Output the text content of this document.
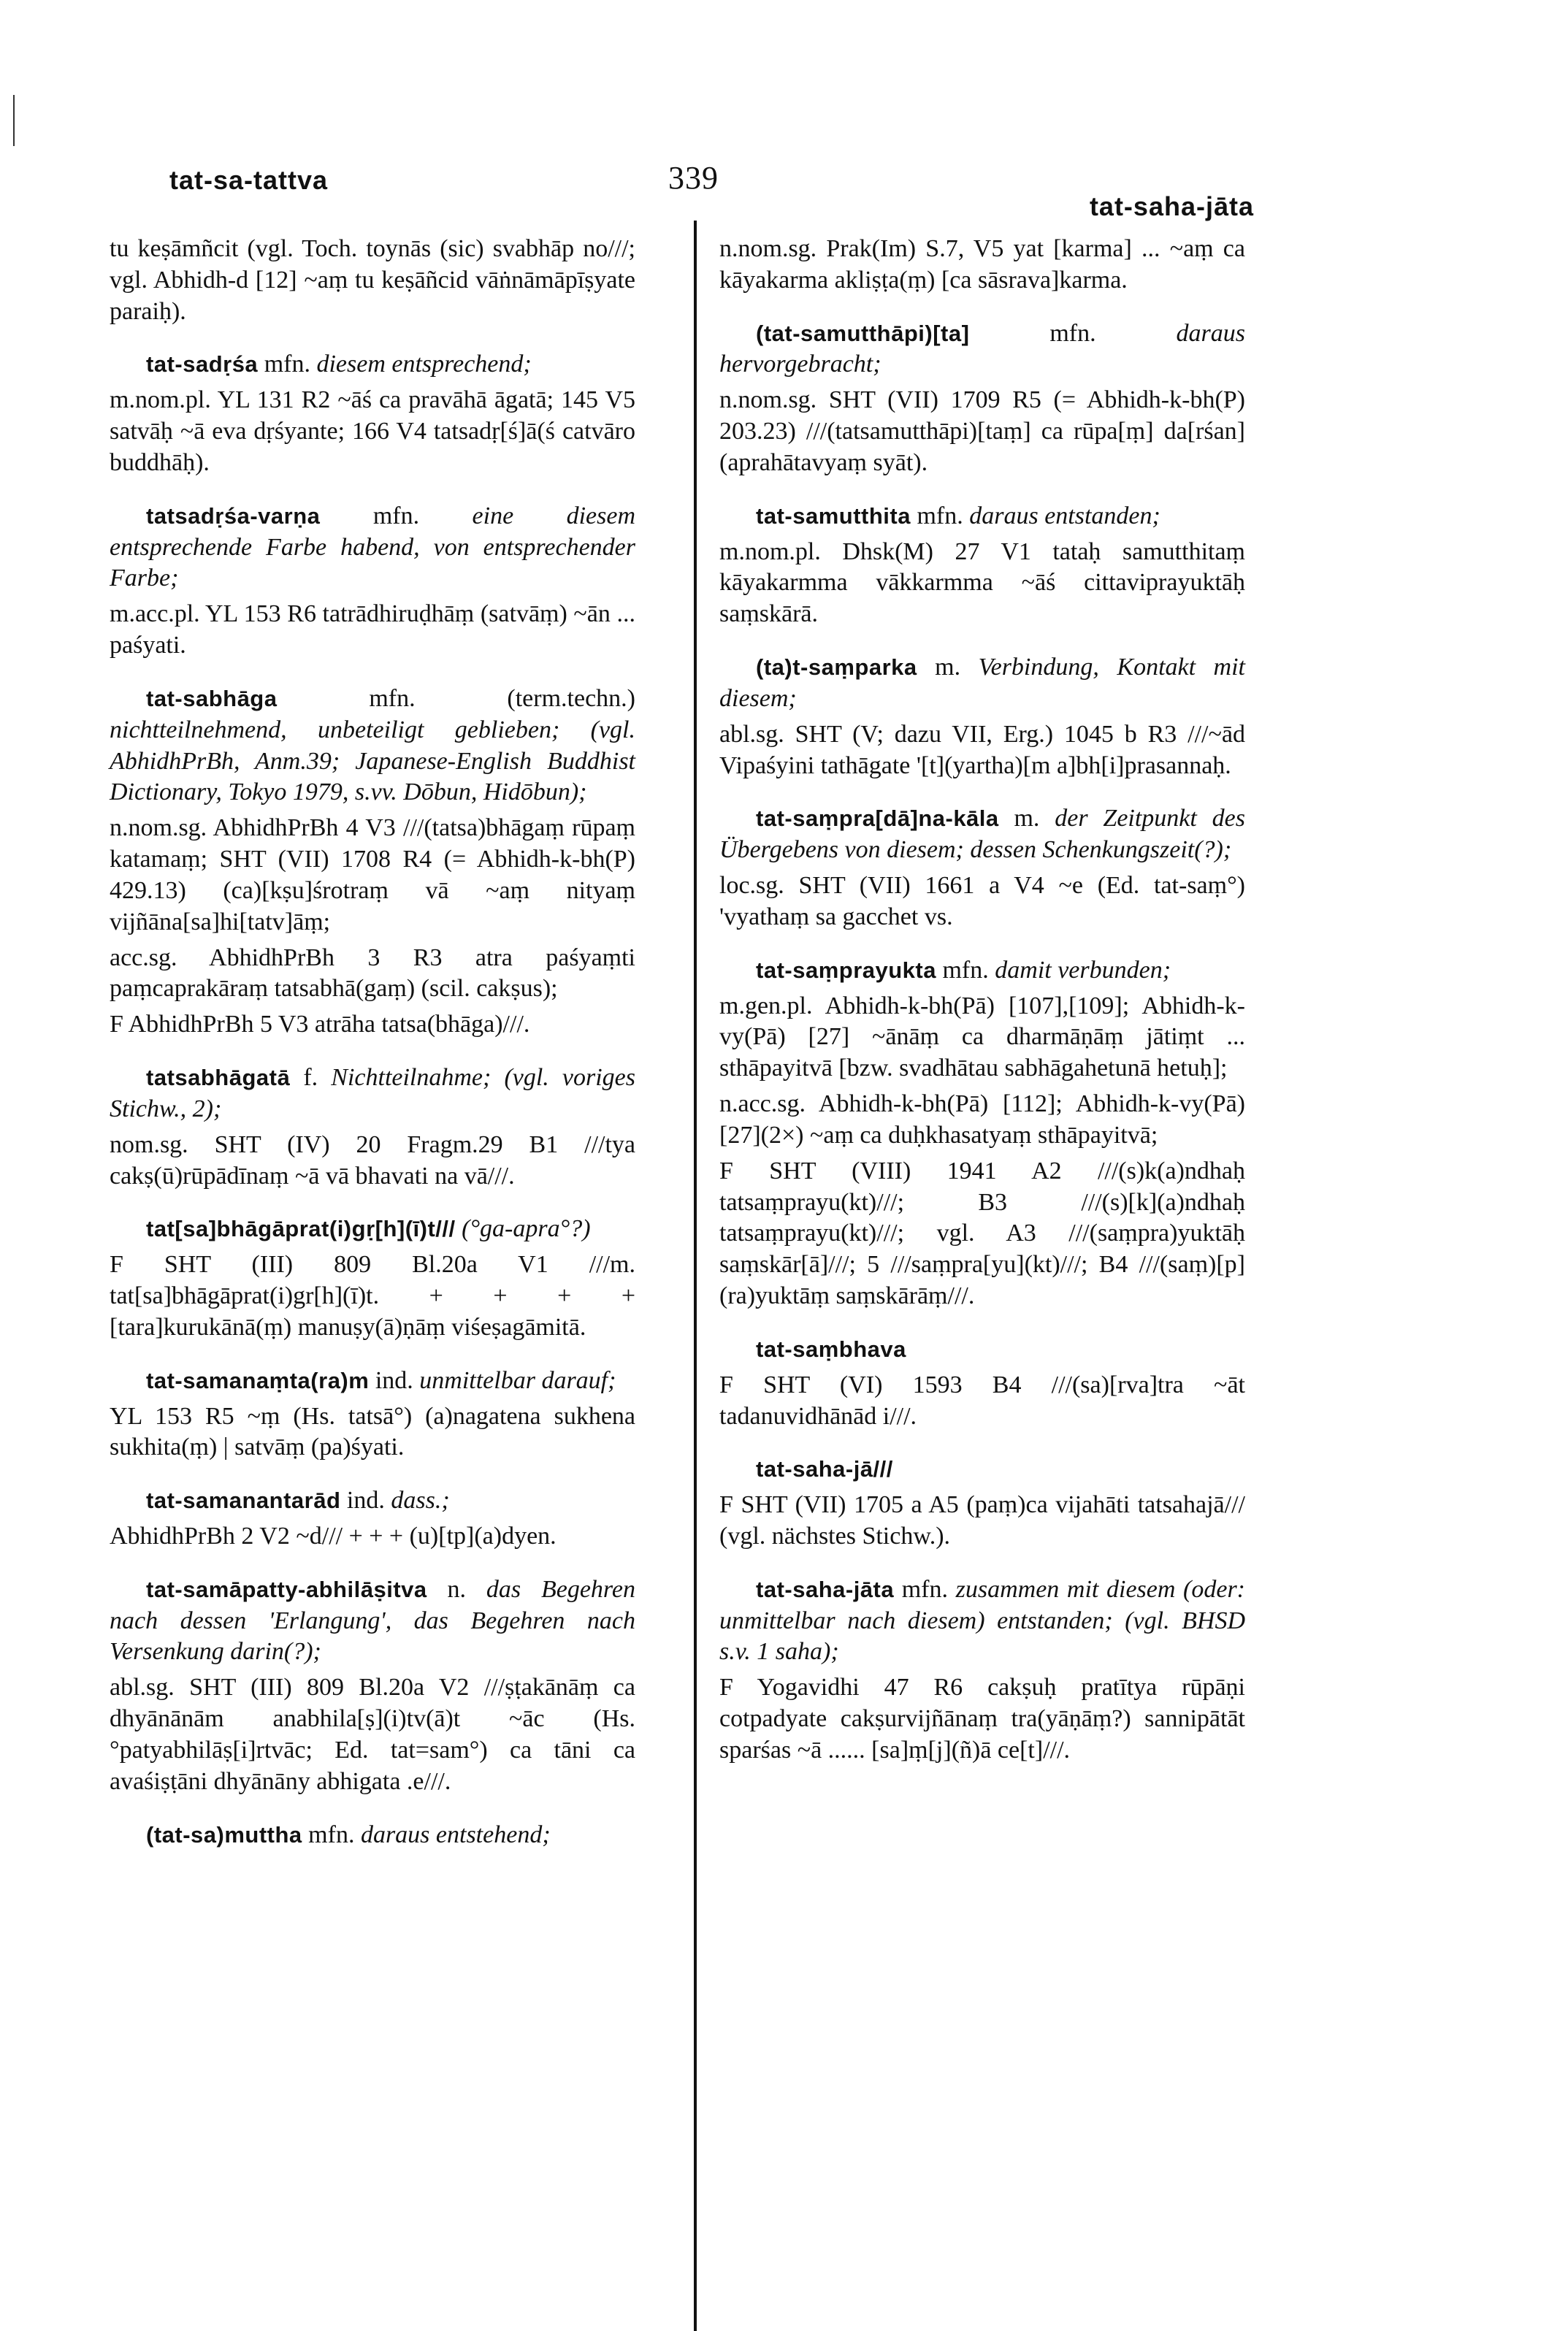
tat-sa-tattva	339
tat-saha-jāta

tu keṣāmñcit (vgl. Toch. toynās (sic) svabhāp no///; vgl. Abhidh-d [12] ~aṃ tu keṣāñcid vāṅnāmāpīṣyate paraiḥ).

tat-sadṛśa mfn. diesem entsprechend;

m.nom.pl. YL 131 R2 ~āś ca pravāhā āgatā; 145 V5 satvāḥ ~ā eva dṛśyante; 166 V4 tatsadṛ[ś]ā(ś catvāro buddhāḥ).

tatsadṛśa-varṇa mfn. eine diesem entsprechende Farbe habend, von entsprechender Farbe;

m.acc.pl. YL 153 R6 tatrādhiruḍhāṃ (satvāṃ) ~ān ... paśyati.

tat-sabhāga	mfn. (term.techn.) nichtteilnehmend, unbeteiligt geblieben; (vgl. AbhidhPrBh, Anm.39; Japanese-English Buddhist Dictionary, Tokyo 1979, s.vv. Dōbun, Hidōbun);

n.nom.sg. AbhidhPrBh 4 V3 ///(tatsa)bhāgaṃ rūpaṃ katamaṃ; SHT (VII) 1708 R4 (= Abhidh-k-bh(P) 429.13) (ca)[kṣu]śrotraṃ vā ~aṃ nityaṃ vijñāna[sa]hi[tatv]āṃ;

acc.sg. AbhidhPrBh 3 R3 atra paśyaṃti paṃcaprakāraṃ tatsabhā(gaṃ) (scil. cakṣus);

F AbhidhPrBh 5 V3 atrāha tatsa(bhāga)///.

tatsabhāgatā f. Nichtteilnahme; (vgl. voriges Stichw., 2);

nom.sg. SHT (IV) 20 Fragm.29 B1 ///tya cakṣ(ū)rūpādīnaṃ ~ā vā bhavati na vā///.

tat[sa]bhāgāprat(i)gṛ[h](ī)t/// (°ga-apra°?)

F SHT (III) 809 Bl.20a V1 ///m. tat[sa]bhāgāprat(i)gr[h](ī)t. + + + + [tara]kurukānā(ṃ) manuṣy(ā)ṇāṃ viśeṣagāmitā.

tat-samanaṃta(ra)m ind. unmittelbar darauf;

YL 153 R5 ~ṃ (Hs. tatsā°) (a)nagatena sukhena sukhita(ṃ) | satvāṃ (pa)śyati.

tat-samanantarād ind. dass.;

AbhidhPrBh 2 V2 ~d/// + + + (u)[tp](a)dyen.

tat-samāpatty-abhilāṣitva n. das Begehren nach dessen 'Erlangung', das Begehren nach Versenkung darin(?);

abl.sg. SHT (III) 809 Bl.20a V2 ///ṣṭakānāṃ ca dhyānānām anabhila[ṣ](i)tv(ā)t ~āc (Hs. °patyabhilāṣ[i]rtvāc; Ed. tat=sam°) ca tāni ca avaśiṣṭāni dhyānāny abhigata .e///.

(tat-sa)muttha mfn. daraus entstehend;

n.nom.sg. Prak(Im) S.7, V5 yat [karma] ... ~aṃ ca kāyakarma akliṣṭa(ṃ) [ca sāsrava]karma.

(tat-samutthāpi)[ta]	mfn.	daraus hervorgebracht;

n.nom.sg. SHT (VII) 1709 R5 (= Abhidh-k-bh(P) 203.23) ///(tatsamutthāpi)[taṃ] ca rūpa[ṃ] da[rśan](aprahātavyaṃ syāt).

tat-samutthita mfn. daraus entstanden;

m.nom.pl. Dhsk(M) 27 V1 tataḥ samutthitaṃ kāyakarmma vākkarmma ~āś cittaviprayuktāḥ saṃskārā.

(ta)t-saṃparka m. Verbindung, Kontakt mit diesem;

abl.sg. SHT (V; dazu VII, Erg.) 1045 b R3 ///~ād Vipaśyini tathāgate '[t](yartha)[m a]bh[i]prasannaḥ.

tat-saṃpra[dā]na-kāla m. der Zeitpunkt des Übergebens von diesem; dessen Schenkungszeit(?);

loc.sg. SHT (VII) 1661 a V4 ~e (Ed. tat-saṃ°) 'vyathaṃ sa gacchet vs.

tat-saṃprayukta mfn. damit verbunden;

m.gen.pl. Abhidh-k-bh(Pā) [107],[109]; Abhidh-k-vy(Pā) [27] ~ānāṃ ca dharmāṇāṃ jātiṃt ... sthāpayitvā [bzw. svadhātau sabhāgahetunā hetuḥ];

n.acc.sg. Abhidh-k-bh(Pā) [112]; Abhidh-k-vy(Pā) [27](2×) ~aṃ ca duḥkhasatyaṃ sthāpayitvā;

F SHT (VIII) 1941 A2 ///(s)k(a)ndhaḥ tatsaṃprayu(kt)///; B3 ///(s)[k](a)ndhaḥ tatsaṃprayu(kt)///; vgl. A3 ///(saṃpra)yuktāḥ saṃskār[ā]///; 5 ///saṃpra[yu](kt)///; B4 ///(saṃ)[p](ra)yuktāṃ saṃskārāṃ///.

tat-saṃbhava

F SHT (VI) 1593 B4 ///(sa)[rva]tra ~āt tadanuvidhānād i///.

tat-saha-jā///

F SHT (VII) 1705 a A5 (paṃ)ca vijahāti tatsahajā/// (vgl. nächstes Stichw.).

tat-saha-jāta mfn. zusammen mit diesem (oder: unmittelbar nach diesem) entstanden; (vgl. BHSD s.v. 1 saha);

F Yogavidhi 47 R6 cakṣuḥ pratītya rūpāṇi cotpadyate cakṣurvijñānaṃ tra(yāṇāṃ?) sannipātāt sparśas ~ā ...... [sa]ṃ[j](ñ)ā ce[t]///.
